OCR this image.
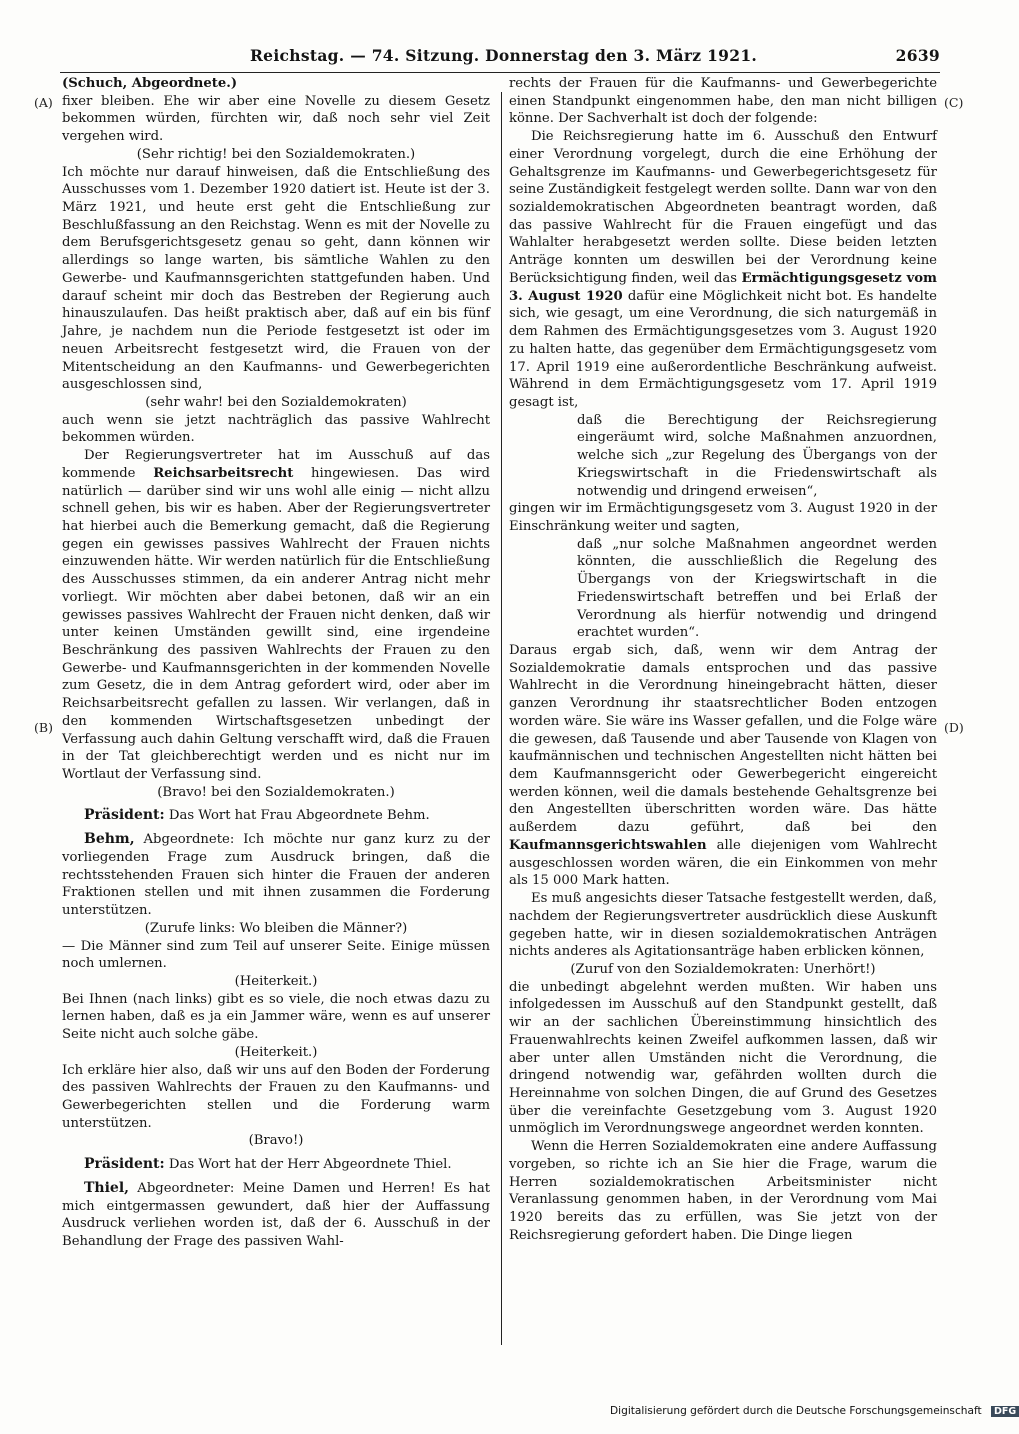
Reichstag. — 74. Sitzung. Donnerstag den 3. März 1921.	2639
(A)
(B)
(C)
(D)

(Schuch, Abgeordnete.)

fixer bleiben. Ehe wir aber eine Novelle zu diesem Gesetz bekommen würden, fürchten wir, daß noch sehr viel Zeit vergehen wird.

(Sehr richtig! bei den Sozialdemokraten.)

Ich möchte nur darauf hinweisen, daß die Entschließung des Ausschusses vom 1. Dezember 1920 datiert ist. Heute ist der 3. März 1921, und heute erst geht die Entschließung zur Beschlußfassung an den Reichstag. Wenn es mit der Novelle zu dem Berufsgerichtsgesetz genau so geht, dann können wir allerdings so lange warten, bis sämtliche Wahlen zu den Gewerbe- und Kaufmannsgerichten stattgefunden haben. Und darauf scheint mir doch das Bestreben der Regierung auch hinauszulaufen. Das heißt praktisch aber, daß auf ein bis fünf Jahre, je nachdem nun die Periode festgesetzt ist oder im neuen Arbeitsrecht festgesetzt wird, die Frauen von der Mitentscheidung an den Kaufmanns- und Gewerbegerichten ausgeschlossen sind,

(sehr wahr! bei den Sozialdemokraten)

auch wenn sie jetzt nachträglich das passive Wahlrecht bekommen würden.

Der Regierungsvertreter hat im Ausschuß auf das kommende Reichsarbeitsrecht hingewiesen. Das wird natürlich — darüber sind wir uns wohl alle einig — nicht allzu schnell gehen, bis wir es haben. Aber der Regierungsvertreter hat hierbei auch die Bemerkung gemacht, daß die Regierung gegen ein gewisses passives Wahlrecht der Frauen nichts einzuwenden hätte. Wir werden natürlich für die Entschließung des Ausschusses stimmen, da ein anderer Antrag nicht mehr vorliegt. Wir möchten aber dabei betonen, daß wir an ein gewisses passives Wahlrecht der Frauen nicht denken, daß wir unter keinen Umständen gewillt sind, eine irgendeine Beschränkung des passiven Wahlrechts der Frauen zu den Gewerbe- und Kaufmannsgerichten in der kommenden Novelle zum Gesetz, die in dem Antrag gefordert wird, oder aber im Reichsarbeitsrecht gefallen zu lassen. Wir verlangen, daß in den kommenden Wirtschaftsgesetzen unbedingt der Verfassung auch dahin Geltung verschafft wird, daß die Frauen in der Tat gleichberechtigt werden und es nicht nur im Wortlaut der Verfassung sind.

(Bravo! bei den Sozialdemokraten.)

Präsident: Das Wort hat Frau Abgeordnete Behm.

Behm, Abgeordnete: Ich möchte nur ganz kurz zu der vorliegenden Frage zum Ausdruck bringen, daß die rechtsstehenden Frauen sich hinter die Frauen der anderen Fraktionen stellen und mit ihnen zusammen die Forderung unterstützen.

(Zurufe links: Wo bleiben die Männer?)

— Die Männer sind zum Teil auf unserer Seite. Einige müssen noch umlernen.

(Heiterkeit.)

Bei Ihnen (nach links) gibt es so viele, die noch etwas dazu zu lernen haben, daß es ja ein Jammer wäre, wenn es auf unserer Seite nicht auch solche gäbe.

(Heiterkeit.)

Ich erkläre hier also, daß wir uns auf den Boden der Forderung des passiven Wahlrechts der Frauen zu den Kaufmanns- und Gewerbegerichten stellen und die Forderung warm unterstützen.

(Bravo!)

Präsident: Das Wort hat der Herr Abgeordnete Thiel.

Thiel, Abgeordneter: Meine Damen und Herren! Es hat mich eintgermassen gewundert, daß hier der Auffassung Ausdruck verliehen worden ist, daß der 6. Ausschuß in der Behandlung der Frage des passiven Wahl-

rechts der Frauen für die Kaufmanns- und Gewerbegerichte einen Standpunkt eingenommen habe, den man nicht billigen könne. Der Sachverhalt ist doch der folgende:

Die Reichsregierung hatte im 6. Ausschuß den Entwurf einer Verordnung vorgelegt, durch die eine Erhöhung der Gehaltsgrenze im Kaufmanns- und Gewerbegerichtsgesetz für seine Zuständigkeit festgelegt werden sollte. Dann war von den sozialdemokratischen Abgeordneten beantragt worden, daß das passive Wahlrecht für die Frauen eingefügt und das Wahlalter herabgesetzt werden sollte. Diese beiden letzten Anträge konnten um deswillen bei der Verordnung keine Berücksichtigung finden, weil das Ermächtigungsgesetz vom 3. August 1920 dafür eine Möglichkeit nicht bot. Es handelte sich, wie gesagt, um eine Verordnung, die sich naturgemäß in dem Rahmen des Ermächtigungsgesetzes vom 3. August 1920 zu halten hatte, das gegenüber dem Ermächtigungsgesetz vom 17. April 1919 eine außerordentliche Beschränkung aufweist. Während in dem Ermächtigungsgesetz vom 17. April 1919 gesagt ist,

daß die Berechtigung der Reichsregierung eingeräumt wird, solche Maßnahmen anzuordnen, welche sich „zur Regelung des Übergangs von der Kriegswirtschaft in die Friedenswirtschaft als notwendig und dringend erweisen“,

gingen wir im Ermächtigungsgesetz vom 3. August 1920 in der Einschränkung weiter und sagten,

daß „nur solche Maßnahmen angeordnet werden könnten, die ausschließlich die Regelung des Übergangs von der Kriegswirtschaft in die Friedenswirtschaft betreffen und bei Erlaß der Verordnung als hierfür notwendig und dringend erachtet wurden“.

Daraus ergab sich, daß, wenn wir dem Antrag der Sozialdemokratie damals entsprochen und das passive Wahlrecht in die Verordnung hineingebracht hätten, dieser ganzen Verordnung ihr staatsrechtlicher Boden entzogen worden wäre. Sie wäre ins Wasser gefallen, und die Folge wäre die gewesen, daß Tausende und aber Tausende von Klagen von kaufmännischen und technischen Angestellten nicht hätten bei dem Kaufmannsgericht oder Gewerbegericht eingereicht werden können, weil die damals bestehende Gehaltsgrenze bei den Angestellten überschritten worden wäre. Das hätte außerdem dazu geführt, daß bei den Kaufmannsgerichtswahlen alle diejenigen vom Wahlrecht ausgeschlossen worden wären, die ein Einkommen von mehr als 15 000 Mark hatten.

Es muß angesichts dieser Tatsache festgestellt werden, daß, nachdem der Regierungsvertreter ausdrücklich diese Auskunft gegeben hatte, wir in diesen sozialdemokratischen Anträgen nichts anderes als Agitationsanträge haben erblicken können,

(Zuruf von den Sozialdemokraten: Unerhört!)

die unbedingt abgelehnt werden mußten. Wir haben uns infolgedessen im Ausschuß auf den Standpunkt gestellt, daß wir an der sachlichen Übereinstimmung hinsichtlich des Frauenwahlrechts keinen Zweifel aufkommen lassen, daß wir aber unter allen Umständen nicht die Verordnung, die dringend notwendig war, gefährden wollten durch die Hereinnahme von solchen Dingen, die auf Grund des Gesetzes über die vereinfachte Gesetzgebung vom 3. August 1920 unmöglich im Verordnungswege angeordnet werden konnten.

Wenn die Herren Sozialdemokraten eine andere Auffassung vorgeben, so richte ich an Sie hier die Frage, warum die Herren sozialdemokratischen Arbeitsminister nicht Veranlassung genommen haben, in der Verordnung vom Mai 1920 bereits das zu erfüllen, was Sie jetzt von der Reichsregierung gefordert haben. Die Dinge liegen

Digitalisierung gefördert durch die Deutsche Forschungsgemeinschaft DFG
